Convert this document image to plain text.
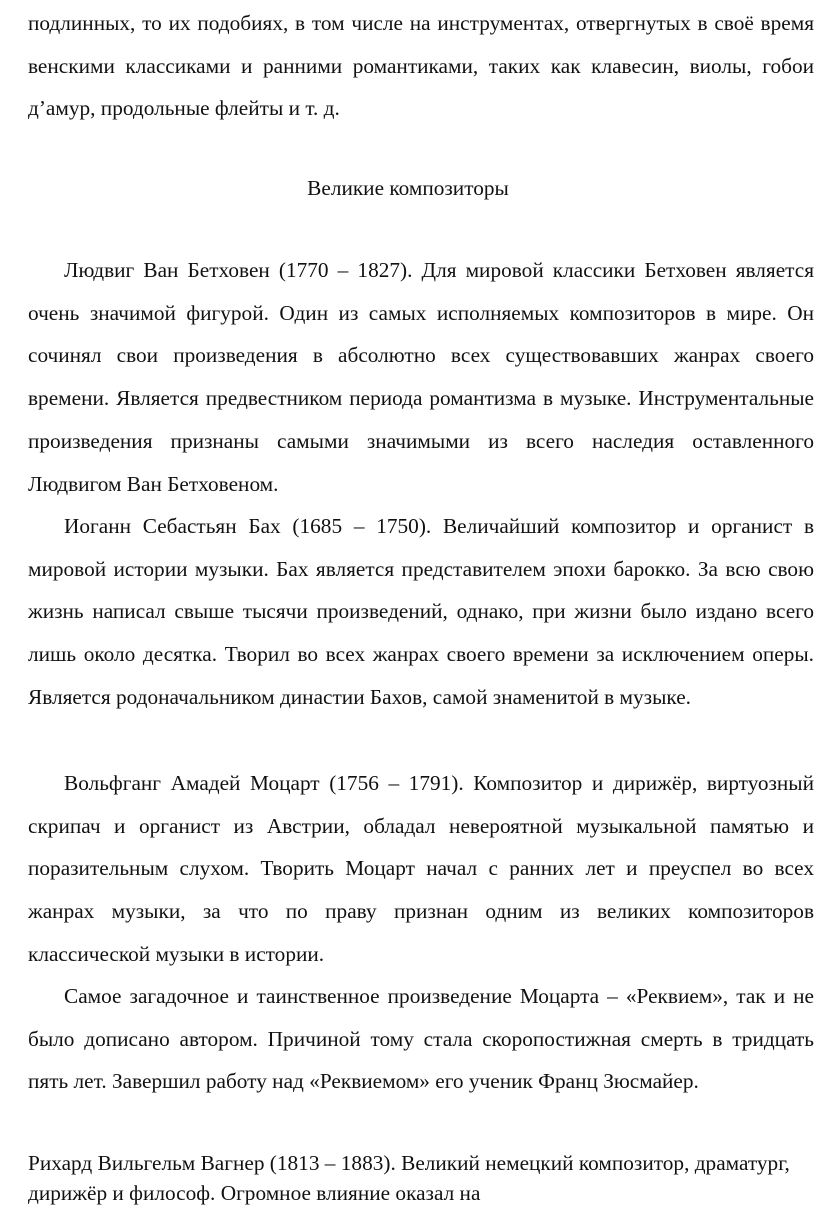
подлинных, то их подобиях, в том числе на инструментах, отвергнутых в своё время венскими классиками и ранними романтиками, таких как клавесин, виолы, гобои д’амур, продольные флейты и т. д.

Великие композиторы

Людвиг Ван Бетховен (1770 – 1827). Для мировой классики Бетховен является очень значимой фигурой. Один из самых исполняемых композиторов в мире. Он сочинял свои произведения в абсолютно всех существовавших жанрах своего времени. Является предвестником периода романтизма в музыке. Инструментальные произведения признаны самыми значимыми из всего наследия оставленного Людвигом Ван Бетховеном.

Иоганн Себастьян Бах (1685 – 1750). Величайший композитор и органист в мировой истории музыки. Бах является представителем эпохи барокко. За всю свою жизнь написал свыше тысячи произведений, однако, при жизни было издано всего лишь около десятка. Творил во всех жанрах своего времени за исключением оперы. Является родоначальником династии Бахов, самой знаменитой в музыке.

Вольфганг Амадей Моцарт (1756 – 1791). Композитор и дирижёр, виртуозный скрипач и органист из Австрии, обладал невероятной музыкальной памятью и поразительным слухом. Творить Моцарт начал с ранних лет и преуспел во всех жанрах музыки, за что по праву признан одним из великих композиторов классической музыки в истории.

Самое загадочное и таинственное произведение Моцарта – «Реквием», так и не было дописано автором. Причиной тому стала скоропостижная смерть в тридцать пять лет. Завершил работу над «Реквиемом» его ученик Франц Зюсмайер.

Рихард Вильгельм Вагнер (1813 – 1883). Великий немецкий композитор, драматург, дирижёр и философ. Огромное влияние оказал на
